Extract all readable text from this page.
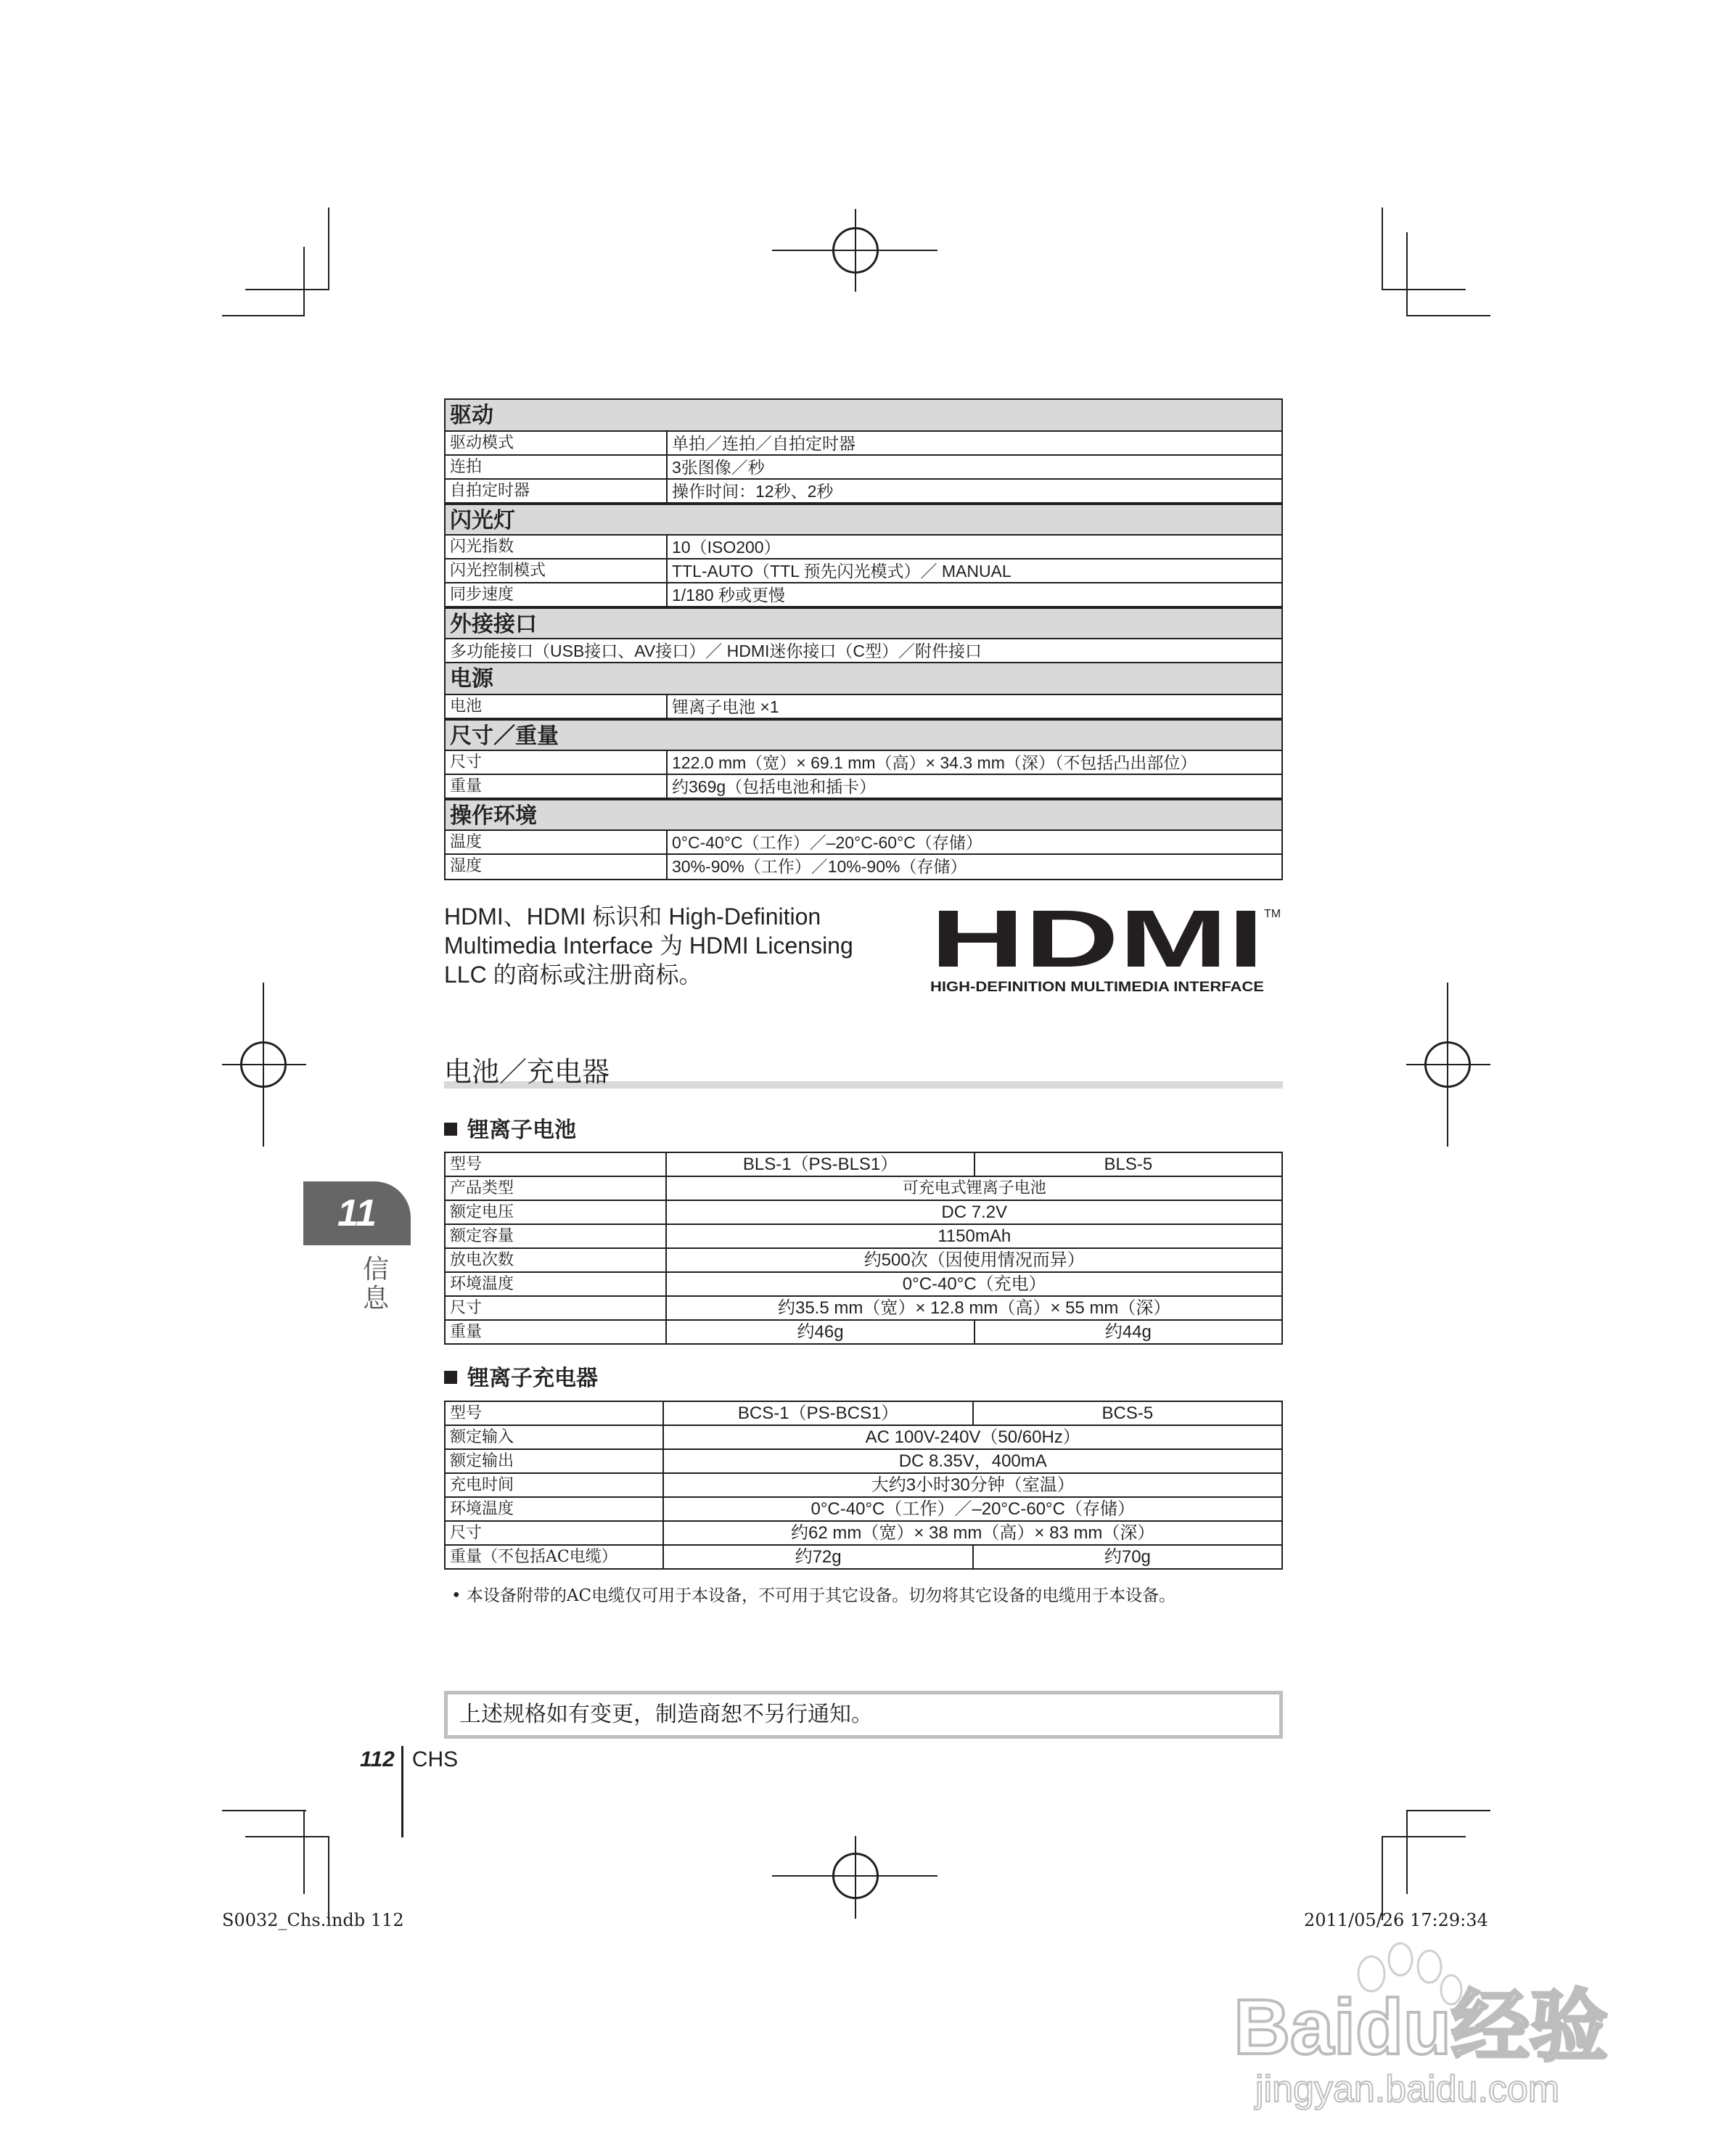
驱动
驱动模式	单拍／连拍／自拍定时器
连拍	3张图像／秒
自拍定时器	操作时间：12秒、2秒
闪光灯
闪光指数	10（ISO200）
闪光控制模式	TTL-AUTO（TTL 预先闪光模式）／ MANUAL
同步速度	1/180 秒或更慢
外接接口
多功能接口（USB接口、AV接口）／ HDMI迷你接口（C型）／附件接口
电源
电池	锂离子电池 ×1
尺寸／重量
尺寸	122.0 mm（宽）× 69.1 mm（高）× 34.3 mm（深）（不包括凸出部位）
重量	约369g（包括电池和插卡）
操作环境
温度	0°C-40°C（工作）／–20°C-60°C（存储）
湿度	30%-90%（工作）／10%-90%（存储）
HDMI、HDMI 标识和 High-Definition
Multimedia Interface 为 HDMI Licensing
LLC 的商标或注册商标。	HDMI TM
HIGH-DEFINITION MULTIMEDIA INTERFACE
电池／充电器
锂离子电池
型号	BLS-1（PS-BLS1）	BLS-5
产品类型	可充电式锂离子电池	
额定电压	DC 7.2V	
额定容量	1150mAh	
放电次数	约500次（因使用情况而异）	
环境温度	0°C-40°C（充电）	
尺寸	约35.5 mm（宽）× 12.8 mm（高）× 55 mm（深）	
重量	约46g	约44g
锂离子充电器
型号	BCS-1（PS-BCS1）	BCS-5
额定输入	AC 100V-240V（50/60Hz）	
额定输出	DC 8.35V，400mA	
充电时间	大约3小时30分钟（室温）	
环境温度	0°C-40°C（工作）／–20°C-60°C（存储）	
尺寸	约62 mm（宽）× 38 mm（高）× 83 mm（深）	
重量（不包括AC电缆）	约72g	约70g
• 本设备附带的AC电缆仅可用于本设备，不可用于其它设备。切勿将其它设备的电缆用于本设备。
上述规格如有变更，制造商恕不另行通知。
112 CHS
11
信息
S0032_Chs.indb 112	2011/05/26 17:29:34
Baidu经验
jingyan.baidu.com
